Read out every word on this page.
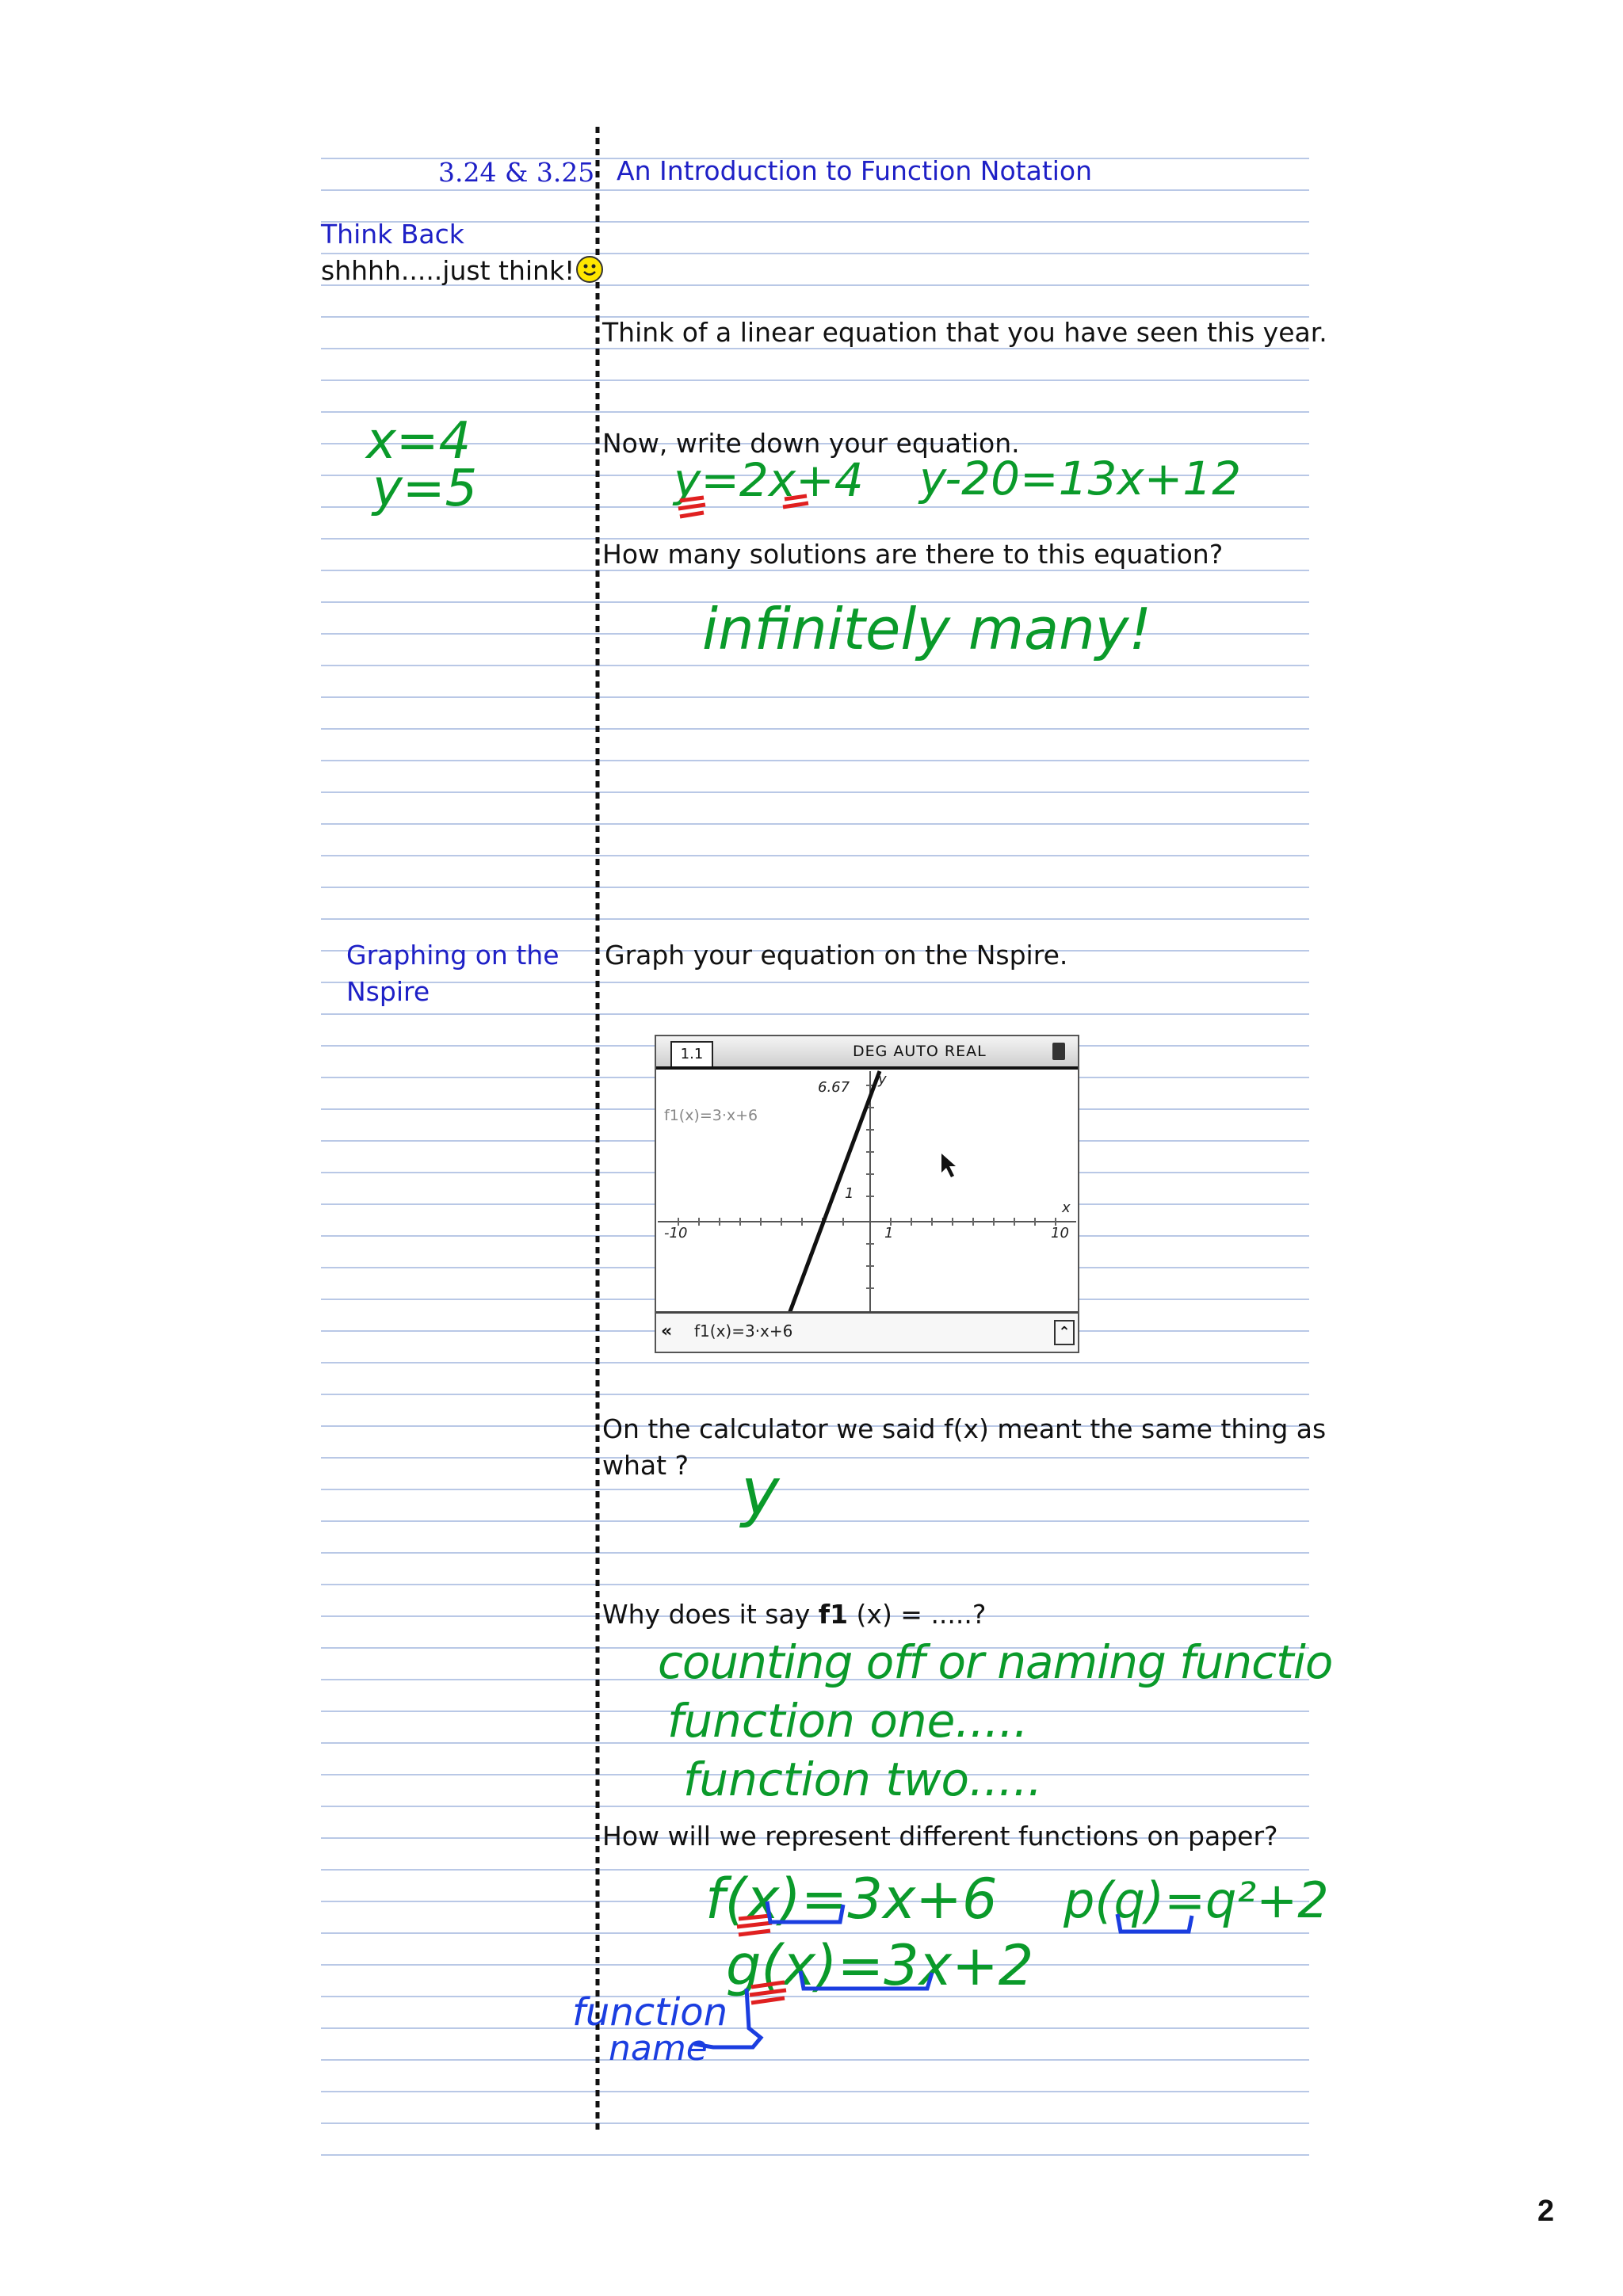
3.24 & 3.25 An Introduction to Function Notation
Think Back
shhhh.....just think!
Think of a linear equation that you have seen this year.
Now, write down your equation.
How many solutions are there to this equation?
Graphing on the
Nspire
Graph your equation on the Nspire.
On the calculator we said f(x) meant the same thing as
what ?
Why does it say f1 (x) = .....?
How will we represent different functions on paper?
x=4
y=5	y=2x+4 y-20=13x+12
infinitely many!
y
counting off or naming functio
function one.....
function two.....
f(x)=3x+6
g(x)=3x+2
p(q)=q²+2
function
name
1.1	DEG AUTO REAL
-10	10
1
1
6.67
x
y
f1(x)=3·x+6
« f1(x)=3·x+6	⌃
2
